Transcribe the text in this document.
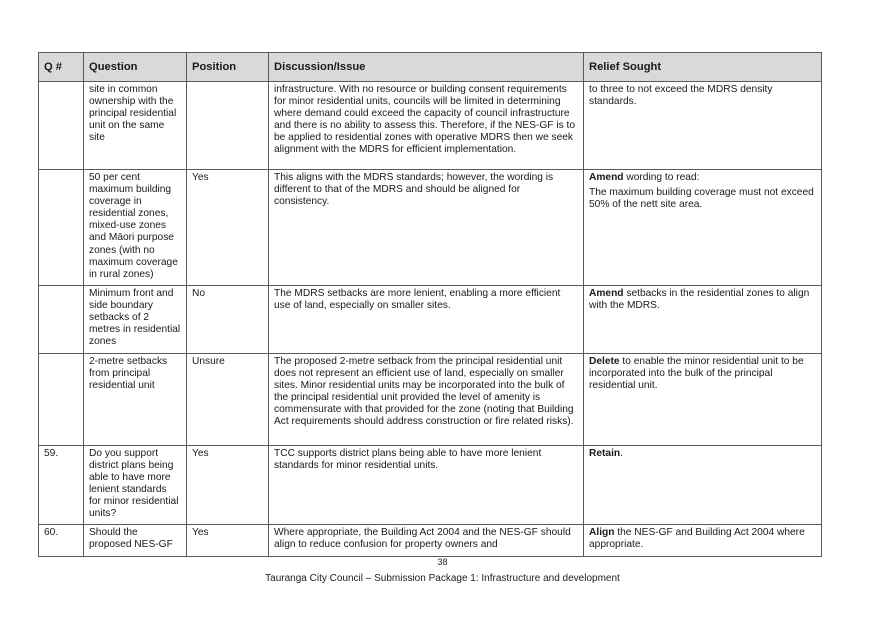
Q #	Question	Position	Discussion/Issue	Relief Sought
	site in common ownership with the principal residential unit on the same site		infrastructure. With no resource or building consent requirements for minor residential units, councils will be limited in determining where demand could exceed the capacity of council infrastructure and there is no ability to assess this. Therefore, if the NES-GF is to be applied to residential zones with operative MDRS then we seek alignment with the MDRS for efficient implementation.	to three to not exceed the MDRS density standards.

	50 per cent maximum building coverage in residential zones, mixed-use zones and Māori purpose zones (with no maximum coverage in rural zones)	Yes	This aligns with the MDRS standards; however, the wording is different to that of the MDRS and should be aligned for consistency.	Amend wording to read:

The maximum building coverage must not exceed 50% of the nett site area.

	Minimum front and side boundary setbacks of 2 metres in residential zones	No	The MDRS setbacks are more lenient, enabling a more efficient use of land, especially on smaller sites.	Amend setbacks in the residential zones to align with the MDRS.

	2-metre setbacks from principal residential unit	Unsure	The proposed 2-metre setback from the principal residential unit does not represent an efficient use of land, especially on smaller sites. Minor residential units may be incorporated into the bulk of the principal residential unit provided the level of amenity is commensurate with that provided for the zone (noting that Building Act requirements should address construction or fire related risks).	Delete to enable the minor residential unit to be incorporated into the bulk of the principal residential unit.

59.	Do you support district plans being able to have more lenient standards for minor residential units?	Yes	TCC supports district plans being able to have more lenient standards for minor residential units.	Retain.

60.	Should the proposed NES-GF	Yes	Where appropriate, the Building Act 2004 and the NES-GF should align to reduce confusion for property owners and	Align the NES-GF and Building Act 2004 where appropriate.

38
Tauranga City Council – Submission Package 1: Infrastructure and development
